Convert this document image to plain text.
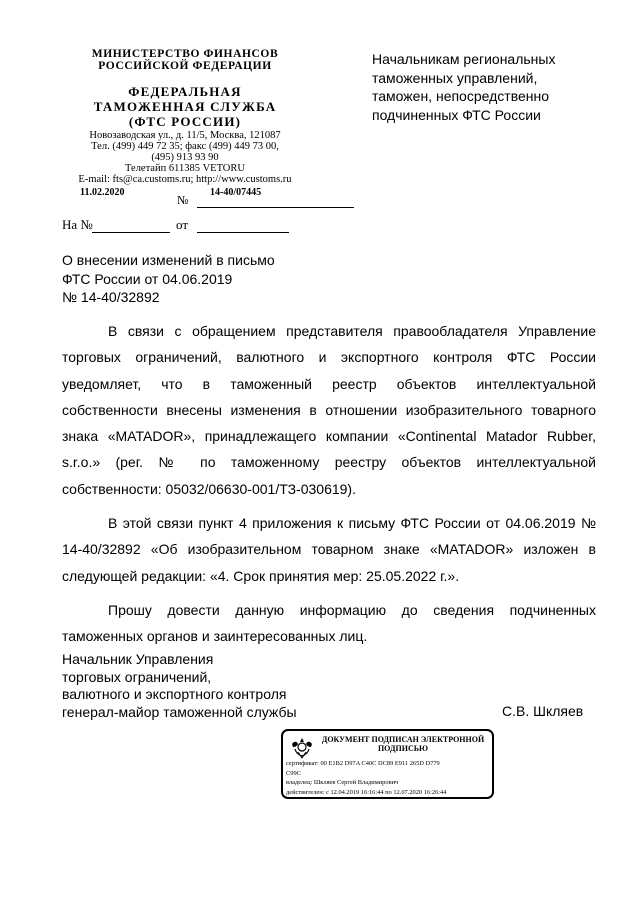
МИНИСТЕРСТВО ФИНАНСОВ
РОССИЙСКОЙ ФЕДЕРАЦИИ
ФЕДЕРАЛЬНАЯ
ТАМОЖЕННАЯ СЛУЖБА
(ФТС РОССИИ)
Новозаводская ул., д. 11/5, Москва, 121087
Тел. (499) 449 72 35; факс (499) 449 73 00,
(495) 913 93 90
Телетайп 611385 VETORU
E-mail: fts@ca.customs.ru; http://www.customs.ru
11.02.2020
№
14-40/07445
На №	от
Начальникам региональных
таможенных управлений,
таможен, непосредственно
подчиненных ФТС России
О внесении изменений в письмо
ФТС России от 04.06.2019
№ 14-40/32892

В связи с обращением представителя правообладателя Управление торговых ограничений, валютного и экспортного контроля ФТС России уведомляет, что в таможенный реестр объектов интеллектуальной собственности внесены изменения в отношении изобразительного товарного знака «MATADOR», принадлежащего компании «Continental Matador Rubber, s.r.o.» (рег. № по таможенному реестру объектов интеллектуальной собственности: 05032/06630-001/ТЗ-030619).

В этой связи пункт 4 приложения к письму ФТС России от 04.06.2019 № 14-40/32892 «Об изобразительном товарном знаке «MATADOR» изложен в следующей редакции: «4. Срок принятия мер: 25.05.2022 г.».

Прошу довести данную информацию до сведения подчиненных таможенных органов и заинтересованных лиц.

Начальник Управления
торговых ограничений,
валютного и экспортного контроля
генерал-майор таможенной службы	С.В. Шкляев
ДОКУМЕНТ ПОДПИСАН ЭЛЕКТРОННОЙ ПОДПИСЬЮ
сертификат: 00 E1B2 D97A C40C DC89 E911 265D D779
C99C
владелец: Шкляев Сергей Владимирович
действителен: с 12.04.2019 16:16:44 по 12.07.2020 16:26:44
